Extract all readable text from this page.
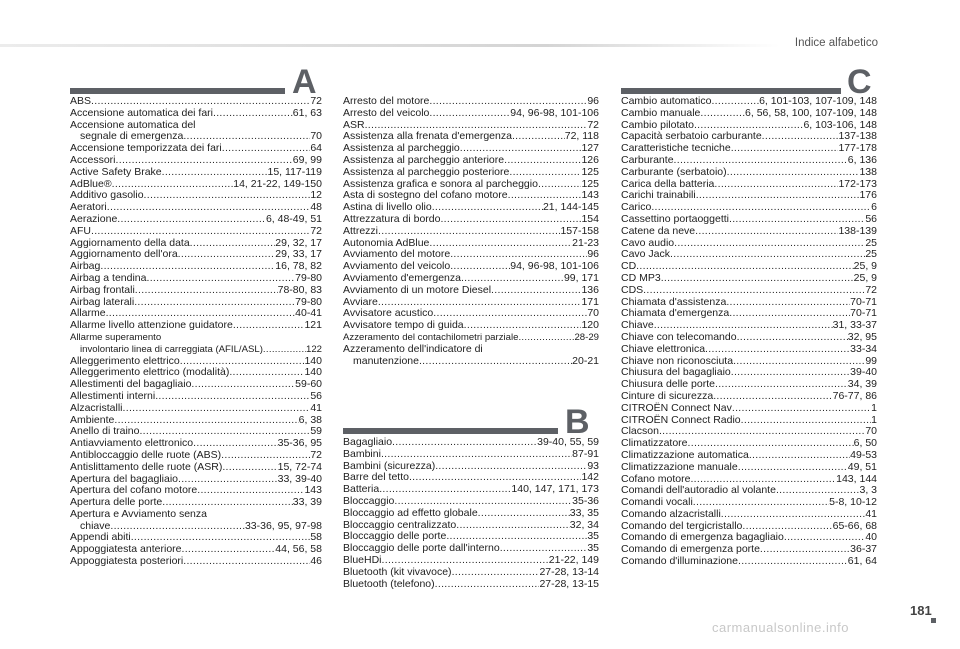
Indice alfabetico
A
B
C
ABS .....	72
Accensione automatica dei fari .....	61, 63
Accensione automatica del
segnale di emergenza .....	70
Accensione temporizzata dei fari .....	64
Accessori .....	69, 99
Active Safety Brake .....	15, 117-119
AdBlue® .....	14, 21-22, 149-150
Additivo gasolio .....	12
Aeratori .....	48
Aerazione .....	6, 48-49, 51
AFU .....	72
Aggiornamento della data .....	29, 32, 17
Aggiornamento dell'ora .....	29, 33, 17
Airbag .....	16, 78, 82
Airbag a tendina .....	79-80
Airbag frontali .....	78-80, 83
Airbag laterali .....	79-80
Allarme .....	40-41
Allarme livello attenzione guidatore .....	121
Allarme superamento
involontario linea di carreggiata (AFIL/ASL) .....	122
Alleggerimento elettrico .....	140
Alleggerimento elettrico (modalità) .....	140
Allestimenti del bagagliaio .....	59-60
Allestimenti interni .....	56
Alzacristalli .....	41
Ambiente .....	6, 38
Anello di traino .....	59
Antiavviamento elettronico .....	35-36, 95
Antibloccaggio delle ruote (ABS) .....	72
Antislittamento delle ruote (ASR) .....	15, 72-74
Apertura del bagagliaio .....	33, 39-40
Apertura del cofano motore .....	143
Apertura delle porte .....	33, 39
Apertura e Avviamento senza
chiave .....	33-36, 95, 97-98
Appendi abiti .....	58
Appoggiatesta anteriore .....	44, 56, 58
Appoggiatesta posteriori .....	46
Arresto del motore .....	96
Arresto del veicolo .....	94, 96-98, 101-106
ASR .....	72
Assistenza alla frenata d'emergenza .....	72, 118
Assistenza al parcheggio .....	127
Assistenza al parcheggio anteriore .....	126
Assistenza al parcheggio posteriore .....	125
Assistenza grafica e sonora al parcheggio .....	125
Asta di sostegno del cofano motore .....	143
Astina di livello olio .....	21, 144-145
Attrezzatura di bordo .....	154
Attrezzi .....	157-158
Autonomia AdBlue .....	21-23
Avviamento del motore .....	96
Avviamento del veicolo .....	94, 96-98, 101-106
Avviamento d'emergenza .....	99, 171
Avviamento di un motore Diesel .....	136
Avviare .....	171
Avvisatore acustico .....	70
Avvisatore tempo di guida .....	120
Azzeramento del contachilometri parziale .....	28-29
Azzeramento dell'indicatore di
manutenzione .....	20-21
Bagagliaio .....	39-40, 55, 59
Bambini .....	87-91
Bambini (sicurezza) .....	93
Barre del tetto .....	142
Batteria .....	140, 147, 171, 173
Bloccaggio .....	35-36
Bloccaggio ad effetto globale .....	33, 35
Bloccaggio centralizzato .....	32, 34
Bloccaggio delle porte .....	35
Bloccaggio delle porte dall'interno .....	35
BlueHDi .....	21-22, 149
Bluetooth (kit vivavoce) .....	27-28, 13-14
Bluetooth (telefono) .....	27-28, 13-15
Cambio automatico .....	6, 101-103, 107-109, 148
Cambio manuale .....	6, 56, 58, 100, 107-109, 148
Cambio pilotato .....	6, 103-106, 148
Capacità serbatoio carburante .....	137-138
Caratteristiche tecniche .....	177-178
Carburante .....	6, 136
Carburante (serbatoio) .....	138
Carica della batteria .....	172-173
Carichi trainabili .....	176
Carico .....	6
Cassettino portaoggetti .....	56
Catene da neve .....	138-139
Cavo audio .....	25
Cavo Jack .....	25
CD .....	25, 9
CD MP3 .....	25, 9
CDS .....	72
Chiamata d'assistenza .....	70-71
Chiamata d'emergenza .....	70-71
Chiave .....	31, 33-37
Chiave con telecomando .....	32, 95
Chiave elettronica .....	33-34
Chiave non riconosciuta .....	99
Chiusura del bagagliaio .....	39-40
Chiusura delle porte .....	34, 39
Cinture di sicurezza .....	76-77, 86
CITROËN Connect Nav .....	1
CITROËN Connect Radio .....	1
Clacson .....	70
Climatizzatore .....	6, 50
Climatizzazione automatica .....	49-53
Climatizzazione manuale .....	49, 51
Cofano motore .....	143, 144
Comandi dell'autoradio al volante .....	3, 3
Comandi vocali .....	5-8, 10-12
Comando alzacristalli .....	41
Comando del tergicristallo .....	65-66, 68
Comando di emergenza bagagliaio .....	40
Comando di emergenza porte .....	36-37
Comando d'illuminazione .....	61, 64
carmanualsonline.info
181
